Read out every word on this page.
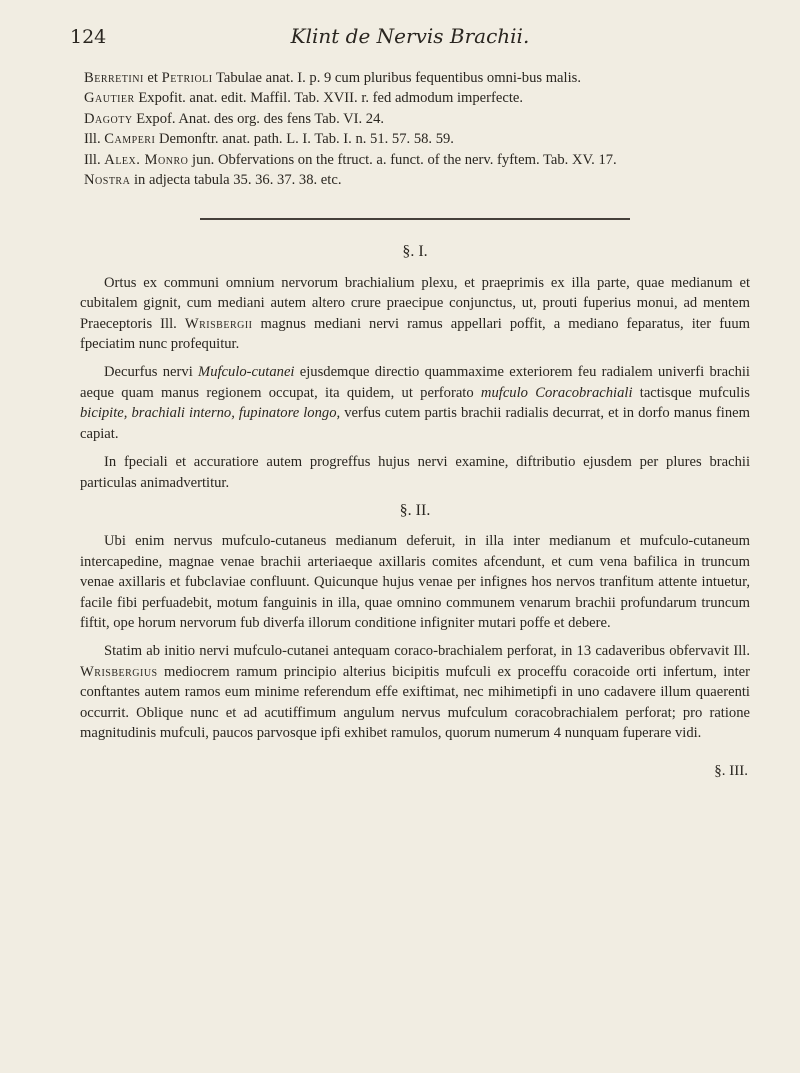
124	Klint de Nervis Brachii.

Berretini et Petrioli Tabulae anat. I. p. 9 cum pluribus fequentibus omni-bus malis.

Gautier Expofit. anat. edit. Maffil. Tab. XVII. r. fed admodum imperfecte.

Dagoty Expof. Anat. des org. des fens Tab. VI. 24.

Ill. Camperi Demonftr. anat. path. L. I. Tab. I. n. 51. 57. 58. 59.

Ill. Alex. Monro jun. Obfervations on the ftruct. a. funct. of the nerv. fyftem. Tab. XV. 17.

Nostra in adjecta tabula 35. 36. 37. 38. etc.

§. I.

Ortus ex communi omnium nervorum brachialium plexu, et praeprimis ex illa parte, quae medianum et cubitalem gignit, cum mediani autem altero crure praecipue conjunctus, ut, prouti fuperius monui, ad mentem Praeceptoris Ill. Wrisbergii magnus mediani nervi ramus appellari poffit, a mediano feparatus, iter fuum fpeciatim nunc profequitur.

Decurfus nervi Mufculo-cutanei ejusdemque directio quammaxime exteriorem feu radialem univerfi brachii aeque quam manus regionem occupat, ita quidem, ut perforato mufculo Coracobrachiali tactisque mufculis bicipite, brachiali interno, fupinatore longo, verfus cutem partis brachii radialis decurrat, et in dorfo manus finem capiat.

In fpeciali et accuratiore autem progreffus hujus nervi examine, diftributio ejusdem per plures brachii particulas animadvertitur.

§. II.

Ubi enim nervus mufculo-cutaneus medianum deferuit, in illa inter medianum et mufculo-cutaneum intercapedine, magnae venae brachii arteriaeque axillaris comites afcendunt, et cum vena bafilica in truncum venae axillaris et fubclaviae confluunt. Quicunque hujus venae per infignes hos nervos tranfitum attente intuetur, facile fibi perfuadebit, motum fanguinis in illa, quae omnino communem venarum brachii profundarum truncum fiftit, ope horum nervorum fub diverfa illorum conditione infigniter mutari poffe et debere.

Statim ab initio nervi mufculo-cutanei antequam coraco-brachialem perforat, in 13 cadaveribus obfervavit Ill. Wrisbergius mediocrem ramum principio alterius bicipitis mufculi ex proceffu coracoide orti infertum, inter conftantes autem ramos eum minime referendum effe exiftimat, nec mihimetipfi in uno cadavere illum quaerenti occurrit. Oblique nunc et ad acutiffimum angulum nervus mufculum coracobrachialem perforat; pro ratione magnitudinis mufculi, paucos parvosque ipfi exhibet ramulos, quorum numerum 4 nunquam fuperare vidi.

§. III.
